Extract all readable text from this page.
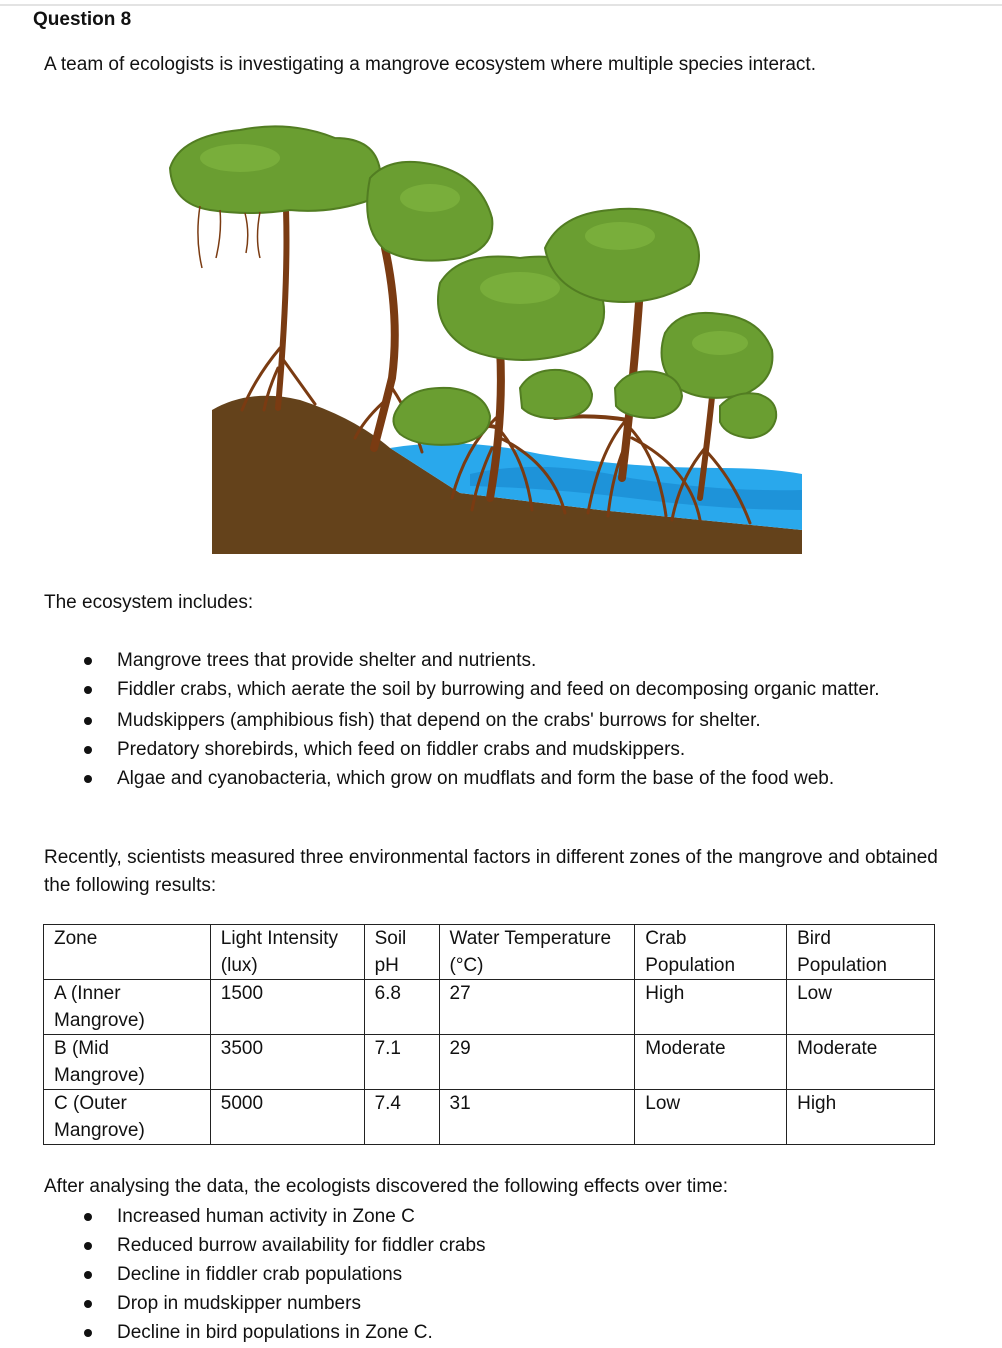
Question 8
A team of ecologists is investigating a mangrove ecosystem where multiple species interact.
The ecosystem includes:
Mangrove trees that provide shelter and nutrients.
Fiddler crabs, which aerate the soil by burrowing and feed on decomposing organic matter.
Mudskippers (amphibious fish) that depend on the crabs' burrows for shelter.
Predatory shorebirds, which feed on fiddler crabs and mudskippers.
Algae and cyanobacteria, which grow on mudflats and form the base of the food web.
Recently, scientists measured three environmental factors in different zones of the mangrove and obtained the following results:
Zone	Light Intensity (lux)	Soil pH	Water Temperature (°C)	Crab Population	Bird Population
A (Inner Mangrove)	1500	6.8	27	High	Low
B (Mid Mangrove)	3500	7.1	29	Moderate	Moderate
C (Outer Mangrove)	5000	7.4	31	Low	High
After analysing the data, the ecologists discovered the following effects over time:
Increased human activity in Zone C
Reduced burrow availability for fiddler crabs
Decline in fiddler crab populations
Drop in mudskipper numbers
Decline in bird populations in Zone C.
